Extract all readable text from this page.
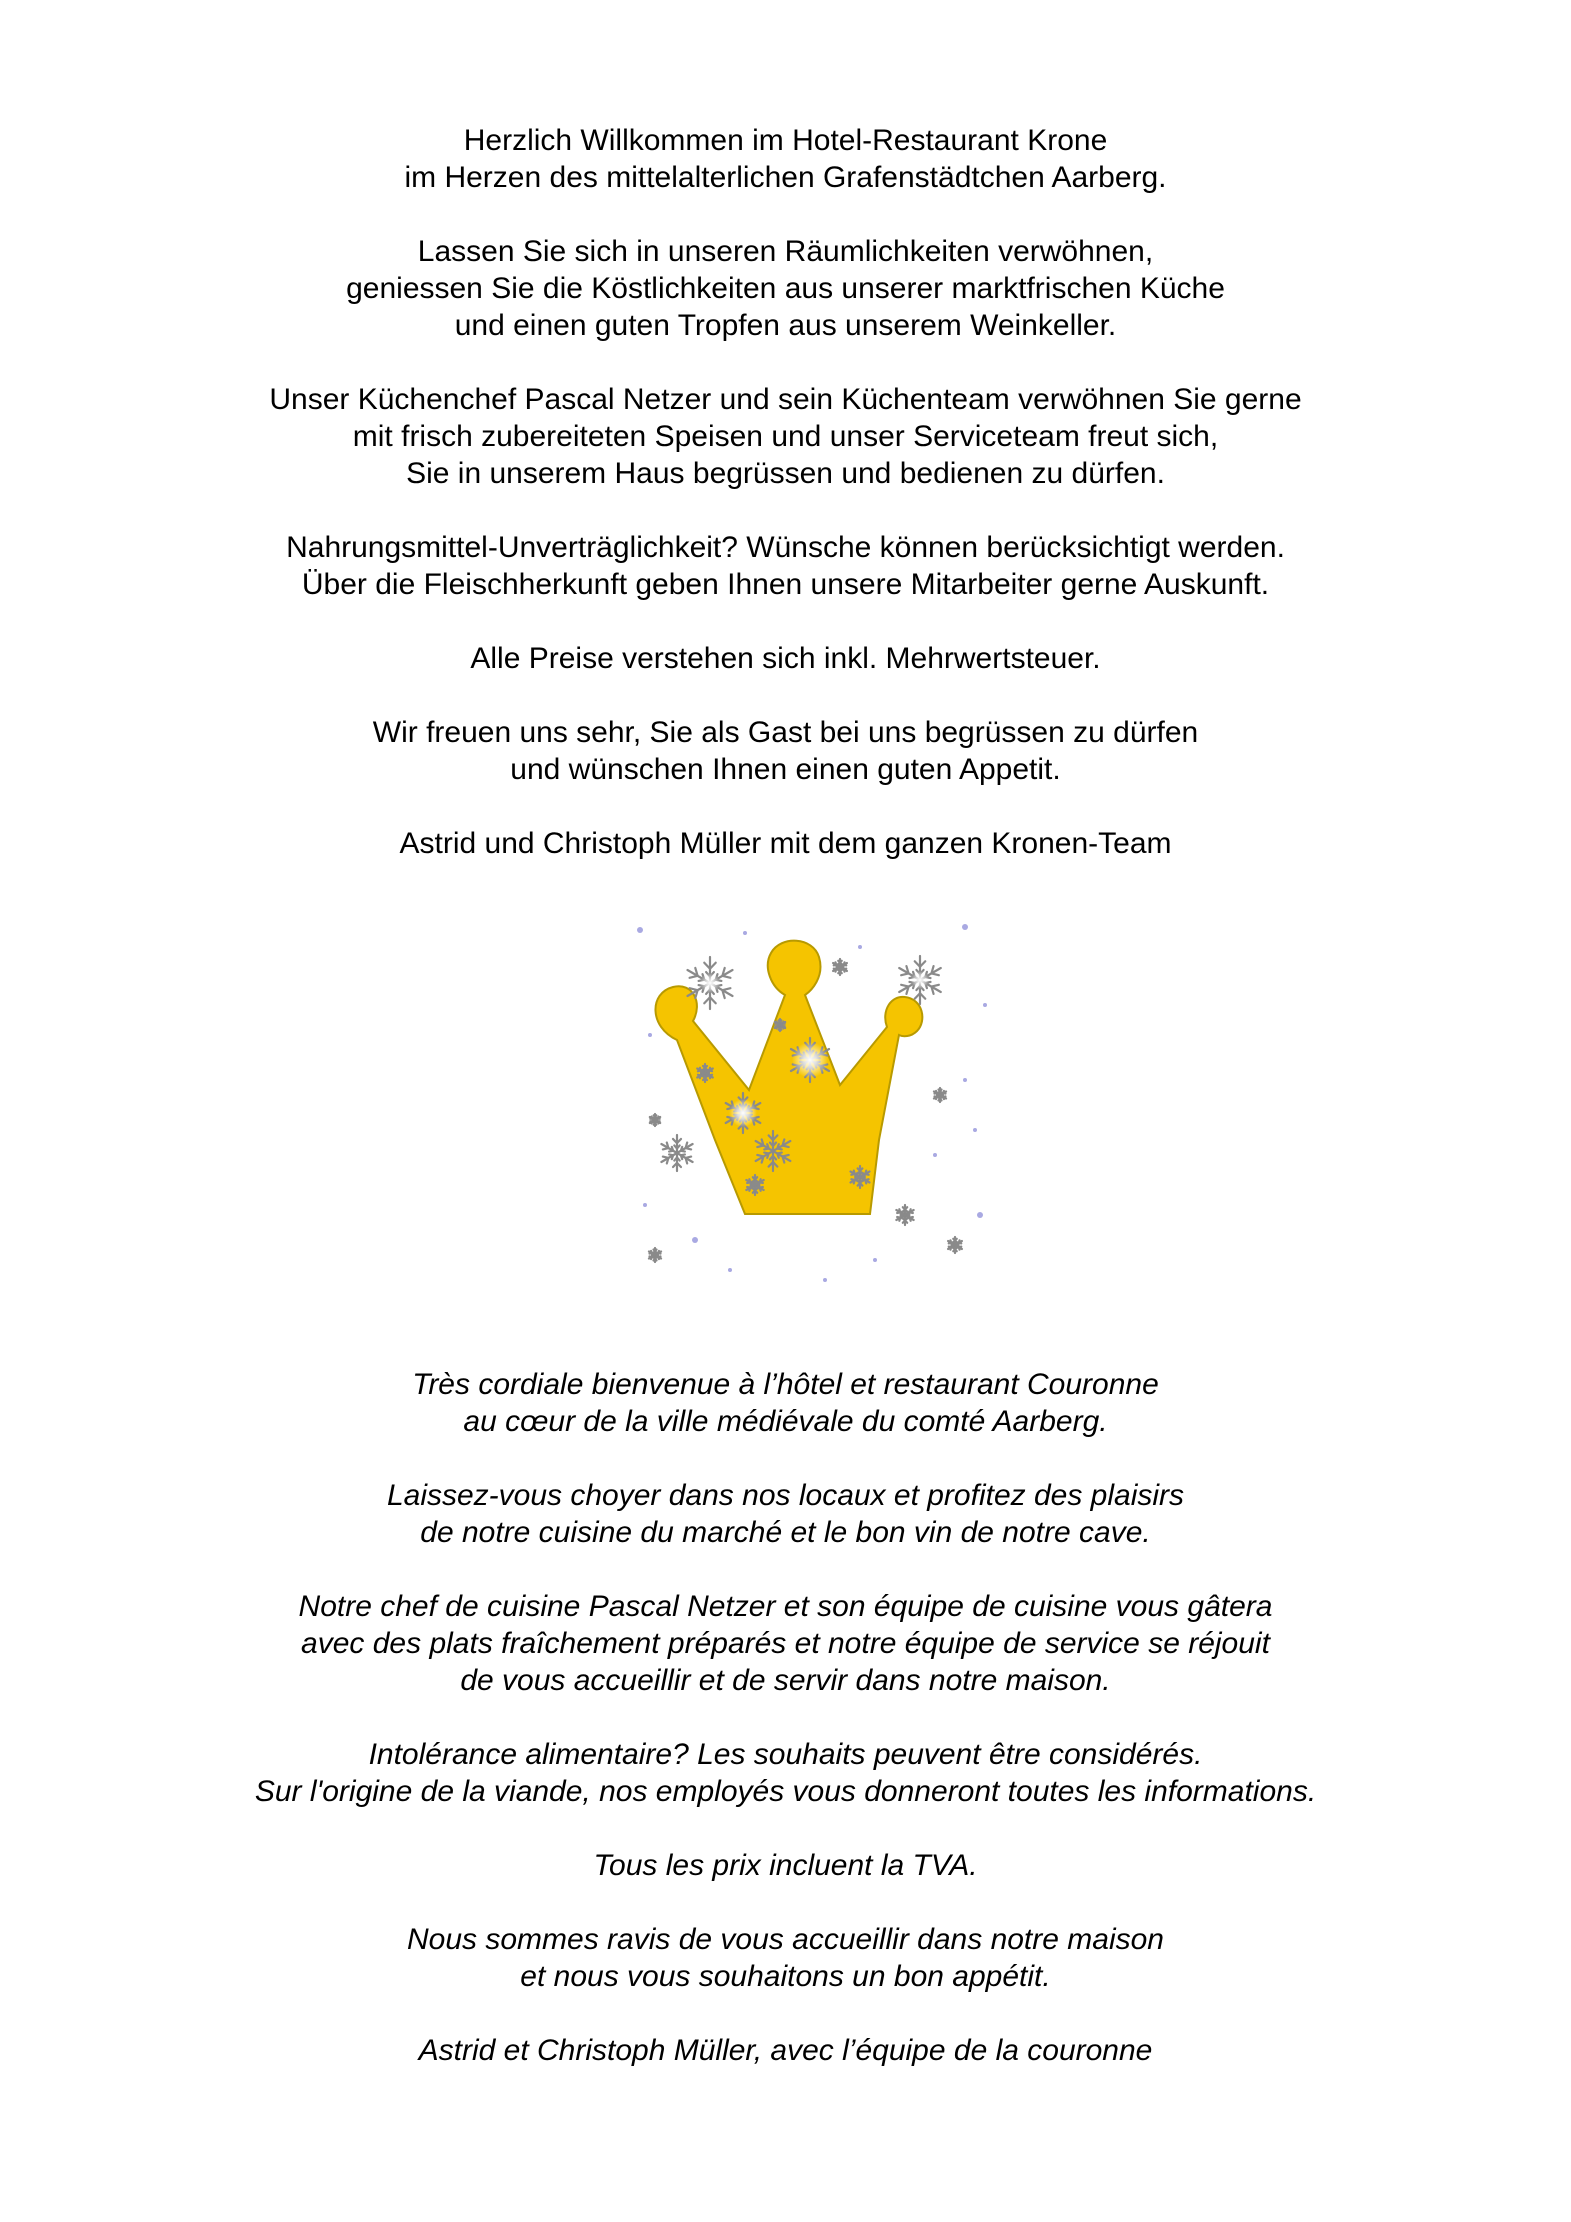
Herzlich Willkommen im Hotel-Restaurant Krone
im Herzen des mittelalterlichen Grafenstädtchen Aarberg.

Lassen Sie sich in unseren Räumlichkeiten verwöhnen,
geniessen Sie die Köstlichkeiten aus unserer marktfrischen Küche
und einen guten Tropfen aus unserem Weinkeller.

Unser Küchenchef Pascal Netzer und sein Küchenteam verwöhnen Sie gerne
mit frisch zubereiteten Speisen und unser Serviceteam freut sich,
Sie in unserem Haus begrüssen und bedienen zu dürfen.

Nahrungsmittel-Unverträglichkeit? Wünsche können berücksichtigt werden.
Über die Fleischherkunft geben Ihnen unsere Mitarbeiter gerne Auskunft.

Alle Preise verstehen sich inkl. Mehrwertsteuer.

Wir freuen uns sehr, Sie als Gast bei uns begrüssen zu dürfen
und wünschen Ihnen einen guten Appetit.

Astrid und Christoph Müller mit dem ganzen Kronen-Team

Très cordiale bienvenue à l’hôtel et restaurant Couronne
au cœur de la ville médiévale du comté Aarberg.

Laissez-vous choyer dans nos locaux et profitez des plaisirs
de notre cuisine du marché et le bon vin de notre cave.

Notre chef de cuisine Pascal Netzer et son équipe de cuisine vous gâtera
avec des plats fraîchement préparés et notre équipe de service se réjouit
de vous accueillir et de servir dans notre maison.

Intolérance alimentaire? Les souhaits peuvent être considérés.
Sur l'origine de la viande, nos employés vous donneront toutes les informations.

Tous les prix incluent la TVA.

Nous sommes ravis de vous accueillir dans notre maison
et nous vous souhaitons un bon appétit.

Astrid et Christoph Müller, avec l’équipe de la couronne
